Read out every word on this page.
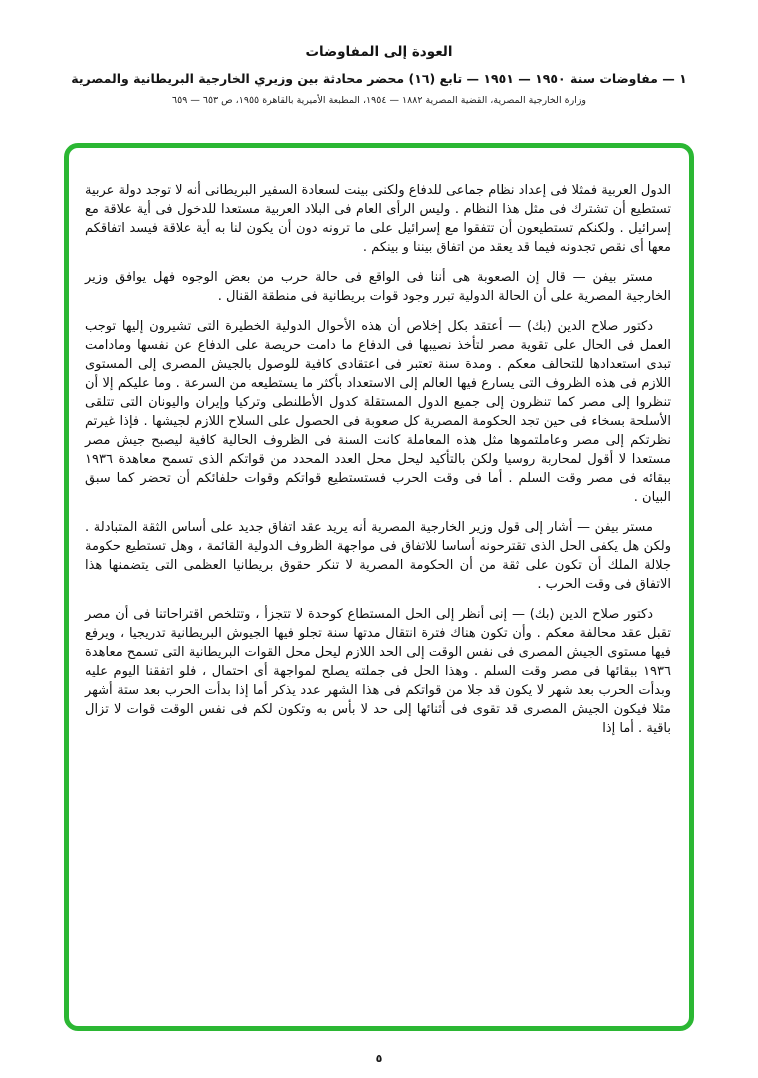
العودة إلى المفاوضات
١ — مفاوضات سنة ١٩٥٠ — ١٩٥١ — تابع (١٦) محضر محادثة بين وزيري الخارجية البريطانية والمصرية
وزارة الخارجية المصرية، القضية المصرية ١٨٨٢ — ١٩٥٤، المطبعة الأميرية بالقاهرة ١٩٥٥، ص ٦٥٣ — ٦٥٩

الدول العربية فمثلا فى إعداد نظام جماعى للدفاع ولكنى بينت لسعادة السفير البريطانى أنه لا توجد دولة عربية تستطيع أن تشترك فى مثل هذا النظام . وليس الرأى العام فى البلاد العربية مستعدا للدخول فى أية علاقة مع إسرائيل . ولكنكم تستطيعون أن تتفقوا مع إسرائيل على ما ترونه دون أن يكون لنا به أية علاقة فيسد اتفاقكم معها أى نقص تجدونه فيما قد يعقد من اتفاق بيننا و بينكم .

مستر بيفن — قال إن الصعوبة هى أننا فى الواقع فى حالة حرب من بعض الوجوه فهل يوافق وزير الخارجية المصرية على أن الحالة الدولية تبرر وجود قوات بريطانية فى منطقة القنال .

دكتور صلاح الدين (بك) — أعتقد بكل إخلاص أن هذه الأحوال الدولية الخطيرة التى تشيرون إليها توجب العمل فى الحال على تقوية مصر لتأخذ نصيبها فى الدفاع ما دامت حريصة على الدفاع عن نفسها ومادامت تبدى استعدادها للتحالف معكم . ومدة سنة تعتبر فى اعتقادى كافية للوصول بالجيش المصرى إلى المستوى اللازم فى هذه الظروف التى يسارع فيها العالم إلى الاستعداد بأكثر ما يستطيعه من السرعة . وما عليكم إلا أن تنظروا إلى مصر كما تنظرون إلى جميع الدول المستقلة كدول الأطلنطى وتركيا وإيران واليونان التى تتلقى الأسلحة بسخاء فى حين تجد الحكومة المصرية كل صعوبة فى الحصول على السلاح اللازم لجيشها . فإذا غيرتم نظرتكم إلى مصر وعاملتموها مثل هذه المعاملة كانت السنة فى الظروف الحالية كافية ليصبح جيش مصر مستعدا لا أقول لمحاربة روسيا ولكن بالتأكيد ليحل محل العدد المحدد من قواتكم الذى تسمح معاهدة ١٩٣٦ ببقائه فى مصر وقت السلم . أما فى وقت الحرب فستستطيع قواتكم وقوات حلفائكم أن تحضر كما سبق البيان .

مستر بيفن — أشار إلى قول وزير الخارجية المصرية أنه يريد عقد اتفاق جديد على أساس الثقة المتبادلة . ولكن هل يكفى الحل الذى تقترحونه أساسا للاتفاق فى مواجهة الظروف الدولية القائمة ، وهل تستطيع حكومة جلالة الملك أن تكون على ثقة من أن الحكومة المصرية لا تنكر حقوق بريطانيا العظمى التى يتضمنها هذا الاتفاق فى وقت الحرب .

دكتور صلاح الدين (بك) — إنى أنظر إلى الحل المستطاع كوحدة لا تتجزأ ، وتتلخص اقتراحاتنا فى أن مصر تقبل عقد محالفة معكم . وأن تكون هناك فترة انتقال مدتها سنة تجلو فيها الجيوش البريطانية تدريجيا ، ويرفع فيها مستوى الجيش المصرى فى نفس الوقت إلى الحد اللازم ليحل محل القوات البريطانية التى تسمح معاهدة ١٩٣٦ ببقائها فى مصر وقت السلم . وهذا الحل فى جملته يصلح لمواجهة أى احتمال ، فلو اتفقنا اليوم عليه وبدأت الحرب بعد شهر لا يكون قد جلا من قواتكم فى هذا الشهر عدد يذكر أما إذا بدأت الحرب بعد ستة أشهر مثلا فيكون الجيش المصرى قد تقوى فى أثنائها إلى حد لا بأس به وتكون لكم فى نفس الوقت قوات لا تزال باقية . أما إذا

٥
